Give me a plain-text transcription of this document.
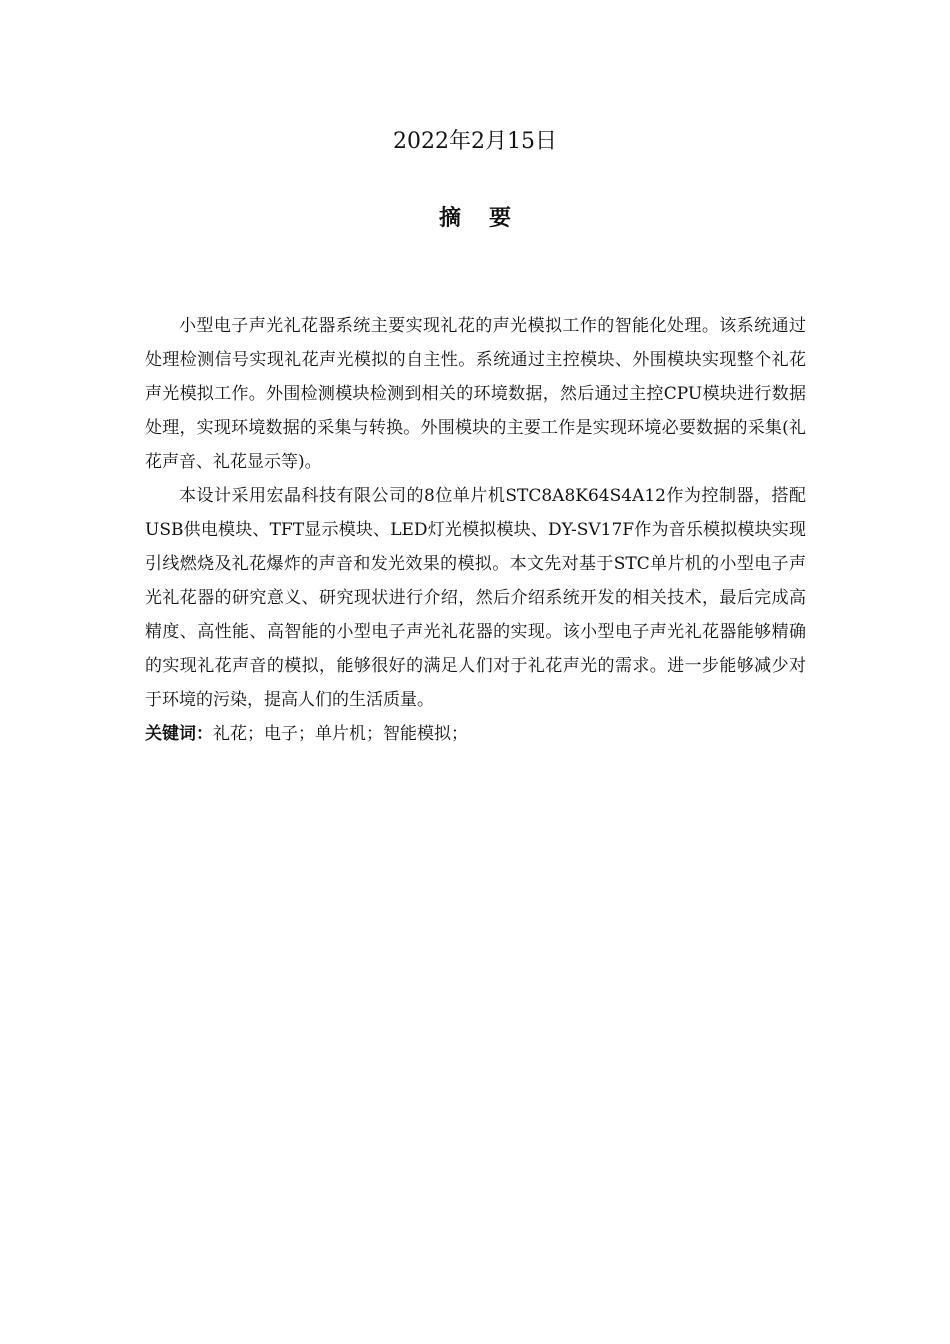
2022年2月15日
摘要

小型电子声光礼花器系统主要实现礼花的声光模拟工作的智能化处理。该系统通过处理检测信号实现礼花声光模拟的自主性。系统通过主控模块、外围模块实现整个礼花声光模拟工作。外围检测模块检测到相关的环境数据，然后通过主控CPU模块进行数据处理，实现环境数据的采集与转换。外围模块的主要工作是实现环境必要数据的采集(礼花声音、礼花显示等)。

本设计采用宏晶科技有限公司的8位单片机STC8A8K64S4A12作为控制器，搭配USB供电模块、TFT显示模块、LED灯光模拟模块、DY-SV17F作为音乐模拟模块实现引线燃烧及礼花爆炸的声音和发光效果的模拟。本文先对基于STC单片机的小型电子声光礼花器的研究意义、研究现状进行介绍，然后介绍系统开发的相关技术，最后完成高精度、高性能、高智能的小型电子声光礼花器的实现。该小型电子声光礼花器能够精确的实现礼花声音的模拟，能够很好的满足人们对于礼花声光的需求。进一步能够减少对于环境的污染，提高人们的生活质量。

关键词：礼花；电子；单片机；智能模拟；
